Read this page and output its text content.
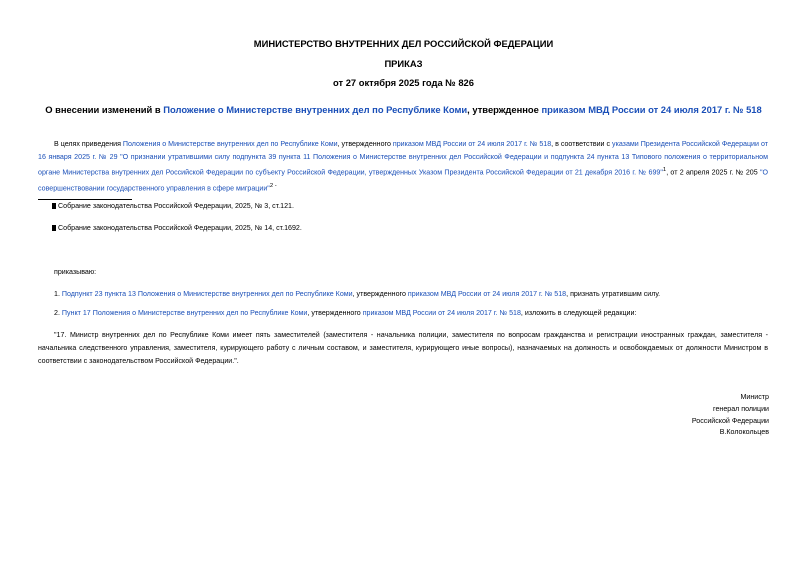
МИНИСТЕРСТВО ВНУТРЕННИХ ДЕЛ РОССИЙСКОЙ ФЕДЕРАЦИИ
ПРИКАЗ
от 27 октября 2025 года № 826
О внесении изменений в Положение о Министерстве внутренних дел по Республике Коми, утвержденное приказом МВД России от 24 июля 2017 г. № 518
В целях приведения Положения о Министерстве внутренних дел по Республике Коми, утвержденного приказом МВД России от 24 июля 2017 г. № 518, в соответствии с указами Президента Российской Федерации от 16 января 2025 г. № 29 "О признании утратившими силу подпункта 39 пункта 11 Положения о Министерстве внутренних дел Российской Федерации и подпункта 24 пункта 13 Типового положения о территориальном органе Министерства внутренних дел Российской Федерации по субъекту Российской Федерации, утвержденных Указом Президента Российской Федерации от 21 декабря 2016 г. № 699"$^1$, от 2 апреля 2025 г. № 205 "О совершенствовании государственного управления в сфере миграции"$^{2 -}$
Собрание законодательства Российской Федерации, 2025, № 3, ст.121.
Собрание законодательства Российской Федерации, 2025, № 14, ст.1692.
приказываю:
1. Подпункт 23 пункта 13 Положения о Министерстве внутренних дел по Республике Коми, утвержденного приказом МВД России от 24 июля 2017 г. № 518, признать утратившим силу.
2. Пункт 17 Положения о Министерстве внутренних дел по Республике Коми, утвержденного приказом МВД России от 24 июля 2017 г. № 518, изложить в следующей редакции:
"17. Министр внутренних дел по Республике Коми имеет пять заместителей (заместителя - начальника полиции, заместителя по вопросам гражданства и регистрации иностранных граждан, заместителя - начальника следственного управления, заместителя, курирующего работу с личным составом, и заместителя, курирующего иные вопросы), назначаемых на должность и освобождаемых от должности Министром в соответствии с законодательством Российской Федерации.".
Министр
генерал полиции
Российской Федерации
В.Колокольцев
